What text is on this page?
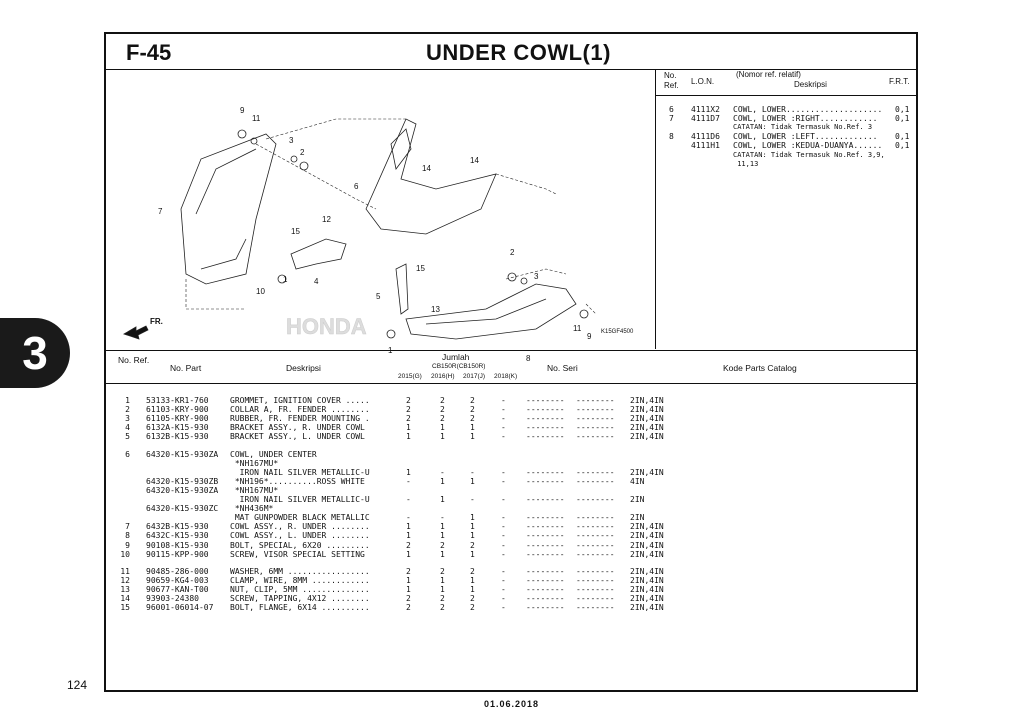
3
124
01.06.2018
F-45	UNDER COWL(1)
HONDA
FR.
9
11
3
2
7
6
14
14
12
15
1	4
10
15
5
2
3
13
11
9
1
8
K15GF4500
No. Ref.	L.O.N.
(Nomor ref. relatif)
Deskripsi	F.R.T.
6 4111X2 COWL, LOWER.................... 0,1
7 4111D7 COWL, LOWER :RIGHT............ 0,1
CATATAN: Tidak Termasuk No.Ref. 3
8 4111D6 COWL, LOWER :LEFT............. 0,1
4111H1 COWL, LOWER :KEDUA-DUANYA...... 0,1
CATATAN: Tidak Termasuk No.Ref. 3,9,
11,13
No. Ref.
No. Part	Deskripsi
Jumlah
CB150R(CB150R)
2015(G) 2016(H) 2017(J) 2018(K)
No. Seri	Kode Parts Catalog
1 53133-KR1-760	GROMMET, IGNITION COVER .....	2	2	2	-	-------- -------- 2IN,4IN
2 61103-KRY-900	COLLAR A, FR. FENDER ........	2	2	2	-	-------- -------- 2IN,4IN
3 61105-KRY-900	RUBBER, FR. FENDER MOUNTING .	2	2	2	-	-------- -------- 2IN,4IN
4 6132A-K15-930	BRACKET ASSY., R. UNDER COWL	1	1	1	-	-------- -------- 2IN,4IN
5 6132B-K15-930	BRACKET ASSY., L. UNDER COWL	1	1	1	-	-------- -------- 2IN,4IN
6 64320-K15-930ZA COWL, UNDER CENTER
*NH167MU*
IRON NAIL SILVER METALLIC-U	1	-	-	-	-------- -------- 2IN,4IN
64320-K15-930ZB *NH196*..........ROSS WHITE	-	1	1	-	-------- -------- 4IN
64320-K15-930ZA *NH167MU*
IRON NAIL SILVER METALLIC-U	-	1	-	-	-------- -------- 2IN
64320-K15-930ZC *NH436M*
MAT GUNPOWDER BLACK METALLIC	-	-	1	-	-------- -------- 2IN
7 6432B-K15-930	COWL ASSY., R. UNDER ........	1	1	1	-	-------- -------- 2IN,4IN
8 6432C-K15-930	COWL ASSY., L. UNDER ........	1	1	1	-	-------- -------- 2IN,4IN
9 90108-K15-930	BOLT, SPECIAL, 6X20 .........	2	2	2	-	-------- -------- 2IN,4IN
10 90115-KPP-900	SCREW, VISOR SPECIAL SETTING	1	1	1	-	-------- -------- 2IN,4IN
11 90485-286-000	WASHER, 6MM .................	2	2	2	-	-------- -------- 2IN,4IN
12 90659-KG4-003	CLAMP, WIRE, 8MM ............	1	1	1	-	-------- -------- 2IN,4IN
13 90677-KAN-T00	NUT, CLIP, 5MM ..............	1	1	1	-	-------- -------- 2IN,4IN
14 93903-24380	SCREW, TAPPING, 4X12 ........	2	2	2	-	-------- -------- 2IN,4IN
15 96001-06014-07 BOLT, FLANGE, 6X14 ..........	2	2	2	-	-------- -------- 2IN,4IN
